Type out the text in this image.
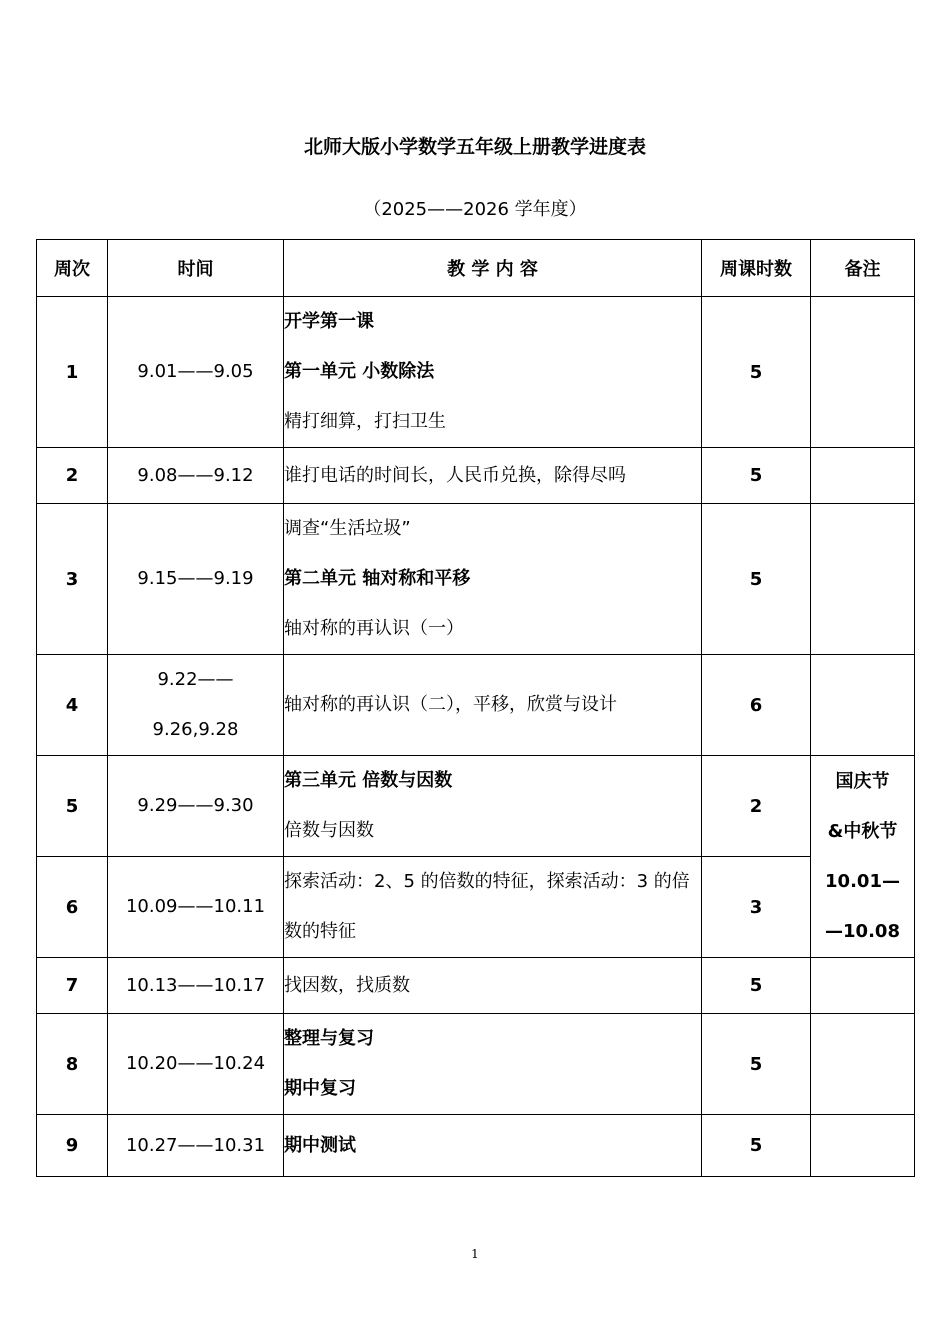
北师大版小学数学五年级上册教学进度表
（2025——2026 学年度）
周次	时间	教 学 内 容	周课时数	备注
1	9.01——9.05	开学第一课
第一单元 小数除法
精打细算，打扫卫生	5	
2	9.08——9.12	谁打电话的时间长，人民币兑换，除得尽吗	5	
3	9.15——9.19	调查“生活垃圾”
第二单元 轴对称和平移
轴对称的再认识（一）	5	
4	9.22——
9.26,9.28	轴对称的再认识（二），平移，欣赏与设计	6	
5	9.29——9.30	第三单元 倍数与因数
倍数与因数	2	国庆节
&中秋节
10.01—
—10.08

6	10.09——10.11	探索活动：2、5 的倍数的特征，探索活动：3 的倍数的特征	3	
7	10.13——10.17	找因数，找质数	5	
8	10.20——10.24	整理与复习
期中复习	5	
9	10.27——10.31	期中测试	5	
1
